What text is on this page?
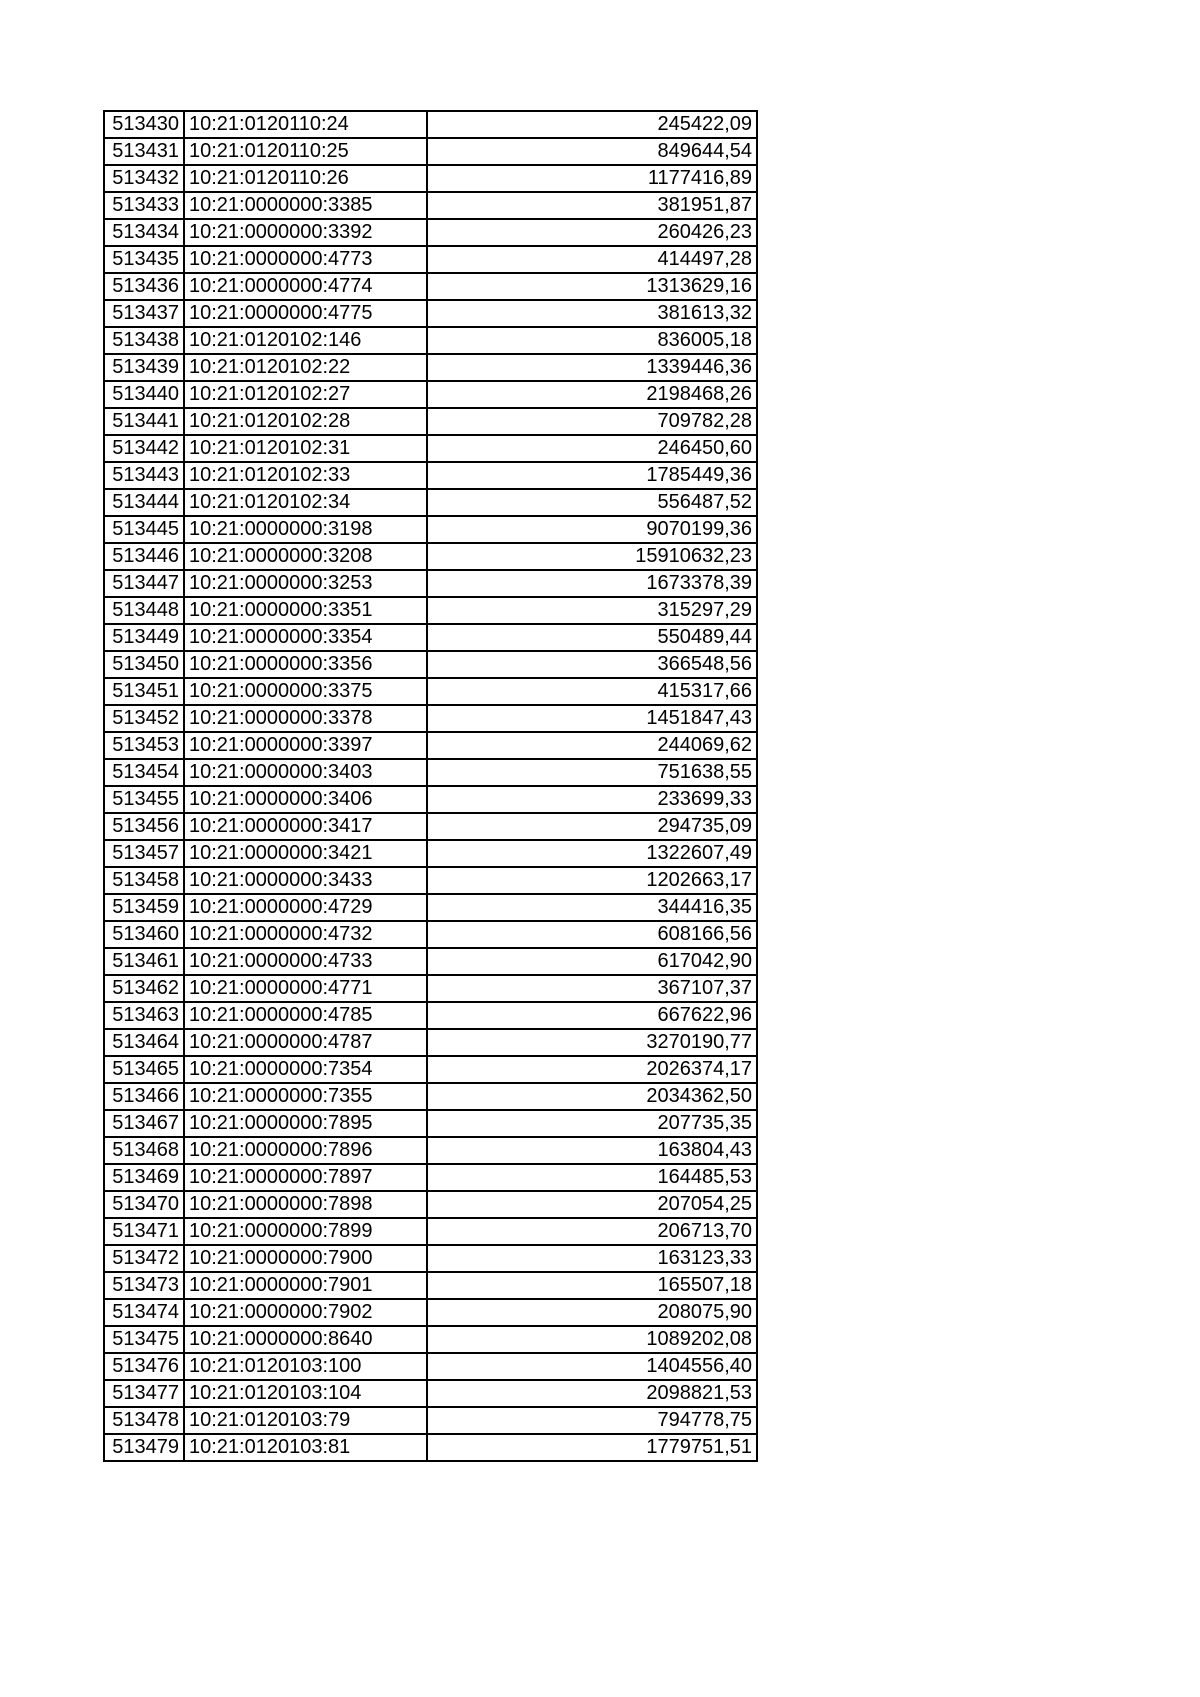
513430	10:21:0120110:24	245422,09
513431	10:21:0120110:25	849644,54
513432	10:21:0120110:26	1177416,89
513433	10:21:0000000:3385	381951,87
513434	10:21:0000000:3392	260426,23
513435	10:21:0000000:4773	414497,28
513436	10:21:0000000:4774	1313629,16
513437	10:21:0000000:4775	381613,32
513438	10:21:0120102:146	836005,18
513439	10:21:0120102:22	1339446,36
513440	10:21:0120102:27	2198468,26
513441	10:21:0120102:28	709782,28
513442	10:21:0120102:31	246450,60
513443	10:21:0120102:33	1785449,36
513444	10:21:0120102:34	556487,52
513445	10:21:0000000:3198	9070199,36
513446	10:21:0000000:3208	15910632,23
513447	10:21:0000000:3253	1673378,39
513448	10:21:0000000:3351	315297,29
513449	10:21:0000000:3354	550489,44
513450	10:21:0000000:3356	366548,56
513451	10:21:0000000:3375	415317,66
513452	10:21:0000000:3378	1451847,43
513453	10:21:0000000:3397	244069,62
513454	10:21:0000000:3403	751638,55
513455	10:21:0000000:3406	233699,33
513456	10:21:0000000:3417	294735,09
513457	10:21:0000000:3421	1322607,49
513458	10:21:0000000:3433	1202663,17
513459	10:21:0000000:4729	344416,35
513460	10:21:0000000:4732	608166,56
513461	10:21:0000000:4733	617042,90
513462	10:21:0000000:4771	367107,37
513463	10:21:0000000:4785	667622,96
513464	10:21:0000000:4787	3270190,77
513465	10:21:0000000:7354	2026374,17
513466	10:21:0000000:7355	2034362,50
513467	10:21:0000000:7895	207735,35
513468	10:21:0000000:7896	163804,43
513469	10:21:0000000:7897	164485,53
513470	10:21:0000000:7898	207054,25
513471	10:21:0000000:7899	206713,70
513472	10:21:0000000:7900	163123,33
513473	10:21:0000000:7901	165507,18
513474	10:21:0000000:7902	208075,90
513475	10:21:0000000:8640	1089202,08
513476	10:21:0120103:100	1404556,40
513477	10:21:0120103:104	2098821,53
513478	10:21:0120103:79	794778,75
513479	10:21:0120103:81	1779751,51
